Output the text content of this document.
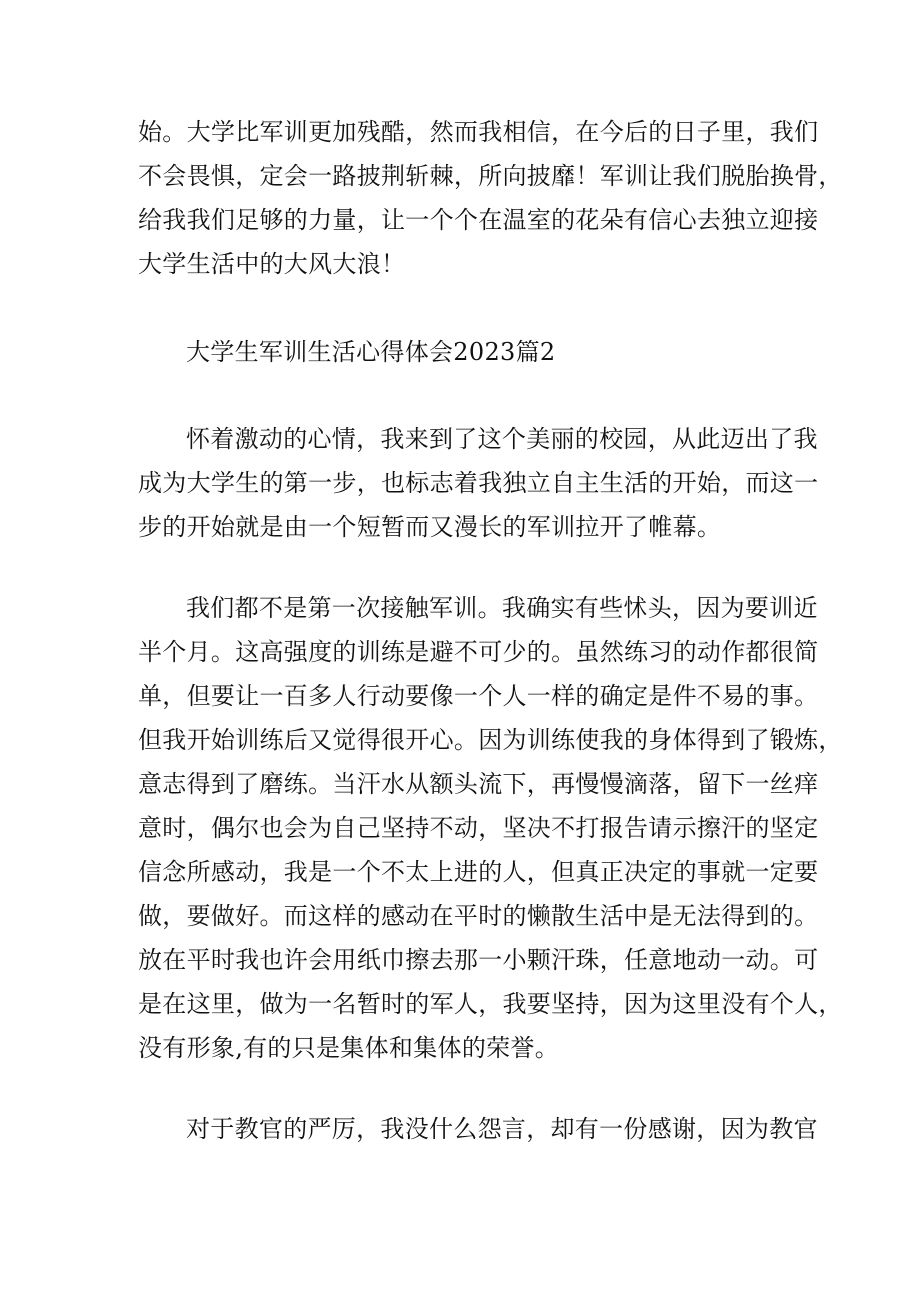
始。大学比军训更加残酷，然而我相信，在今后的日子里，我们
不会畏惧，定会一路披荆斩棘，所向披靡！军训让我们脱胎换骨，
给我我们足够的力量，让一个个在温室的花朵有信心去独立迎接
大学生活中的大风大浪！
大学生军训生活心得体会2023篇2
怀着激动的心情，我来到了这个美丽的校园，从此迈出了我
成为大学生的第一步，也标志着我独立自主生活的开始，而这一
步的开始就是由一个短暂而又漫长的军训拉开了帷幕。
我们都不是第一次接触军训。我确实有些怵头，因为要训近
半个月。这高强度的训练是避不可少的。虽然练习的动作都很简
单，但要让一百多人行动要像一个人一样的确定是件不易的事。
但我开始训练后又觉得很开心。因为训练使我的身体得到了锻炼，
意志得到了磨练。当汗水从额头流下，再慢慢滴落，留下一丝痒
意时，偶尔也会为自己坚持不动，坚决不打报告请示擦汗的坚定
信念所感动，我是一个不太上进的人，但真正决定的事就一定要
做，要做好。而这样的感动在平时的懒散生活中是无法得到的。
放在平时我也许会用纸巾擦去那一小颗汗珠，任意地动一动。可
是在这里，做为一名暂时的军人，我要坚持，因为这里没有个人，
没有形象,有的只是集体和集体的荣誉。
对于教官的严厉，我没什么怨言，却有一份感谢，因为教官
